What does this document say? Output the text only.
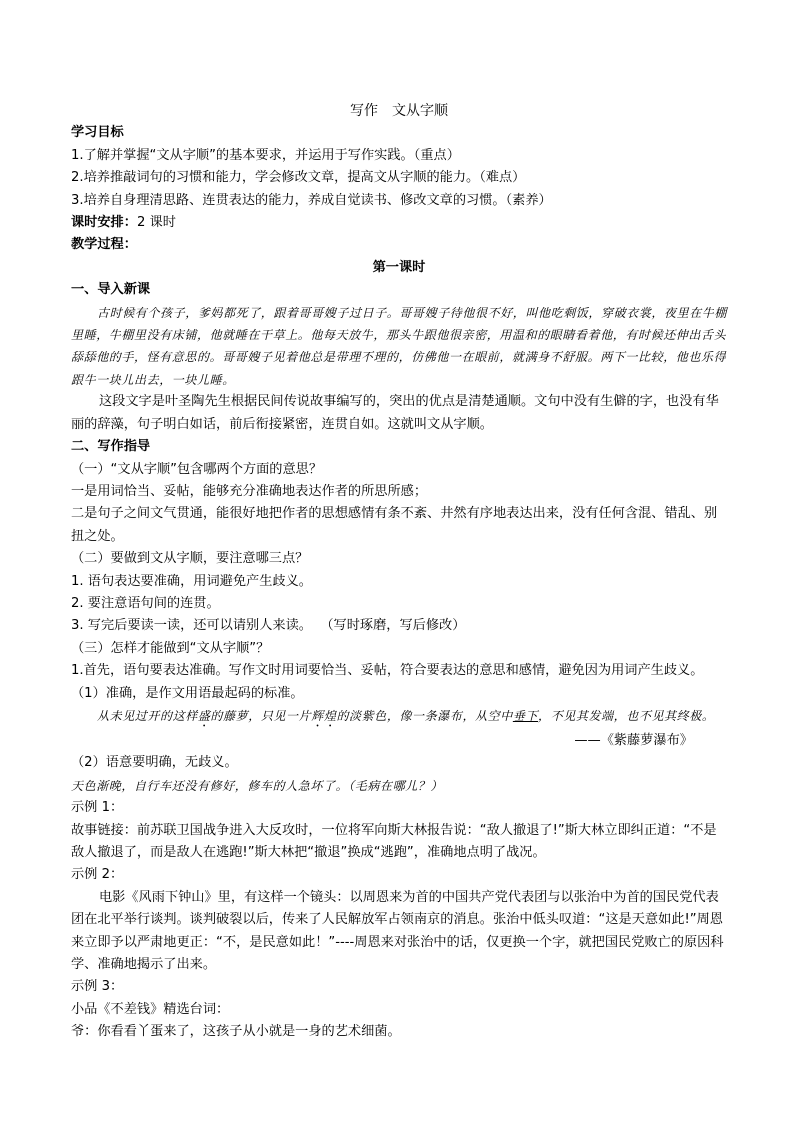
写作　文从字顺

学习目标

1.了解并掌握“文从字顺”的基本要求，并运用于写作实践。（重点）

2.培养推敲词句的习惯和能力，学会修改文章，提高文从字顺的能力。（难点）

3.培养自身理清思路、连贯表达的能力，养成自觉读书、修改文章的习惯。（素养）

课时安排：2 课时

教学过程：

第一课时

一、导入新课

古时候有个孩子，爹妈都死了，跟着哥哥嫂子过日子。哥哥嫂子待他很不好，叫他吃剩饭，穿破衣裳，夜里在牛棚里睡，牛棚里没有床铺，他就睡在干草上。他每天放牛，那头牛跟他很亲密，用温和的眼睛看着他，有时候还伸出舌头舔舔他的手，怪有意思的。哥哥嫂子见着他总是带理不理的，仿佛他一在眼前，就满身不舒服。两下一比较，他也乐得跟牛一块儿出去，一块儿睡。

这段文字是叶圣陶先生根据民间传说故事编写的，突出的优点是清楚通顺。文句中没有生僻的字，也没有华丽的辞藻，句子明白如话，前后衔接紧密，连贯自如。这就叫文从字顺。

二、写作指导

（一）“文从字顺”包含哪两个方面的意思？

一是用词恰当、妥帖，能够充分准确地表达作者的所思所感；

二是句子之间文气贯通，能很好地把作者的思想感情有条不紊、井然有序地表达出来，没有任何含混、错乱、别扭之处。

（二）要做到文从字顺，要注意哪三点？

1. 语句表达要准确，用词避免产生歧义。

2. 要注意语句间的连贯。

3. 写完后要读一读，还可以请别人来读。  （写时琢磨，写后修改）

（三）怎样才能做到“文从字顺”？

1.首先，语句要表达准确。写作文时用词要恰当、妥帖，符合要表达的意思和感情，避免因为用词产生歧义。

（1）准确，是作文用语最起码的标准。

从未见过开的这样盛的藤萝，只见一片辉煌的淡紫色，像一条瀑布，从空中垂下，不见其发端，也不见其终极。

——《紫藤萝瀑布》

（2）语意要明确，无歧义。

天色渐晚，自行车还没有修好，修车的人急坏了。（毛病在哪儿？）

示例 1：

故事链接：前苏联卫国战争进入大反攻时，一位将军向斯大林报告说：“敌人撤退了!”斯大林立即纠正道：“不是敌人撤退了，而是敌人在逃跑!”斯大林把“撤退”换成“逃跑”，准确地点明了战况。

示例 2：

电影《风雨下钟山》里，有这样一个镜头：以周恩来为首的中国共产党代表团与以张治中为首的国民党代表团在北平举行谈判。谈判破裂以后，传来了人民解放军占领南京的消息。张治中低头叹道：“这是天意如此!”周恩来立即予以严肃地更正：“不，是民意如此！”----周恩来对张治中的话，仅更换一个字，就把国民党败亡的原因科学、准确地揭示了出来。

示例 3：

小品《不差钱》精选台词：

爷：你看看丫蛋来了，这孩子从小就是一身的艺术细菌。
